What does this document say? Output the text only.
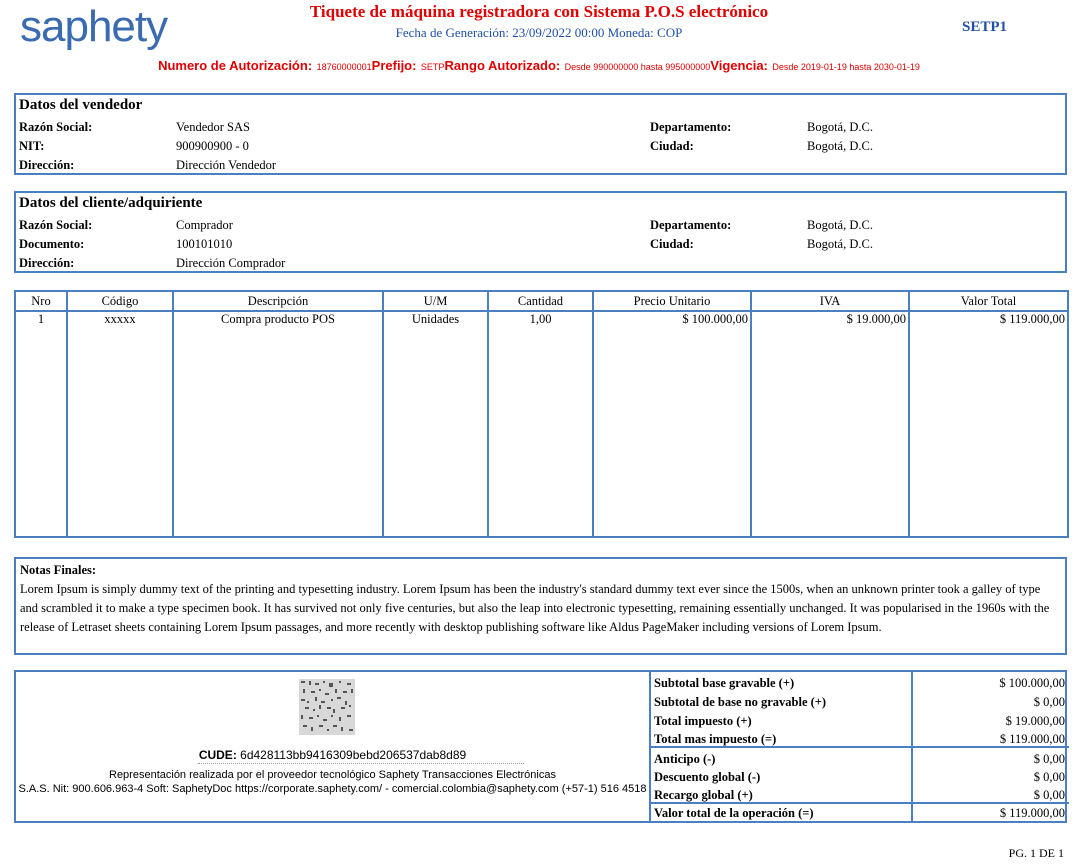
saphety	Tiquete de máquina registradora con Sistema P.O.S electrónico
Fecha de Generación: 23/09/2022 00:00 Moneda: COP	SETP1
Numero de Autorización: 18760000001Prefijo: SETPRango Autorizado: Desde 990000000 hasta 995000000Vigencia: Desde 2019-01-19 hasta 2030-01-19
Datos del vendedor
Razón Social:	Vendedor SAS
NIT:	900900900 - 0
Dirección:	Dirección Vendedor
Departamento:	Bogotá, D.C.
Ciudad:	Bogotá, D.C.
Datos del cliente/adquiriente
Razón Social:	Comprador
Documento:	100101010
Dirección:	Dirección Comprador
Departamento:	Bogotá, D.C.
Ciudad:	Bogotá, D.C.
Nro	Código	Descripción	U/M	Cantidad	Precio Unitario	IVA	Valor Total
1	xxxxx	Compra producto POS	Unidades	1,00	$ 100.000,00	$ 19.000,00	$ 119.000,00

Notas Finales:
Lorem Ipsum is simply dummy text of the printing and typesetting industry. Lorem Ipsum has been the industry's standard dummy text ever since the 1500s, when an unknown printer took a galley of type and scrambled it to make a type specimen book. It has survived not only five centuries, but also the leap into electronic typesetting, remaining essentially unchanged. It was popularised in the 1960s with the release of Letraset sheets containing Lorem Ipsum passages, and more recently with desktop publishing software like Aldus PageMaker including versions of Lorem Ipsum.
CUDE: 6d428113bb9416309bebd206537dab8d89
Representación realizada por el proveedor tecnológico Saphety Transacciones Electrónicas
S.A.S. Nit: 900.606.963-4 Soft: SaphetyDoc https://corporate.saphety.com/ - comercial.colombia@saphety.com (+57-1) 516 4518
Subtotal base gravable (+)	$ 100.000,00
Subtotal de base no gravable (+)	$ 0,00
Total impuesto (+)	$ 19.000,00
Total mas impuesto (=)	$ 119.000,00
Anticipo (-)	$ 0,00
Descuento global (-)	$ 0,00
Recargo global (+)	$ 0,00
Valor total de la operación (=)	$ 119.000,00
PG. 1 DE 1
